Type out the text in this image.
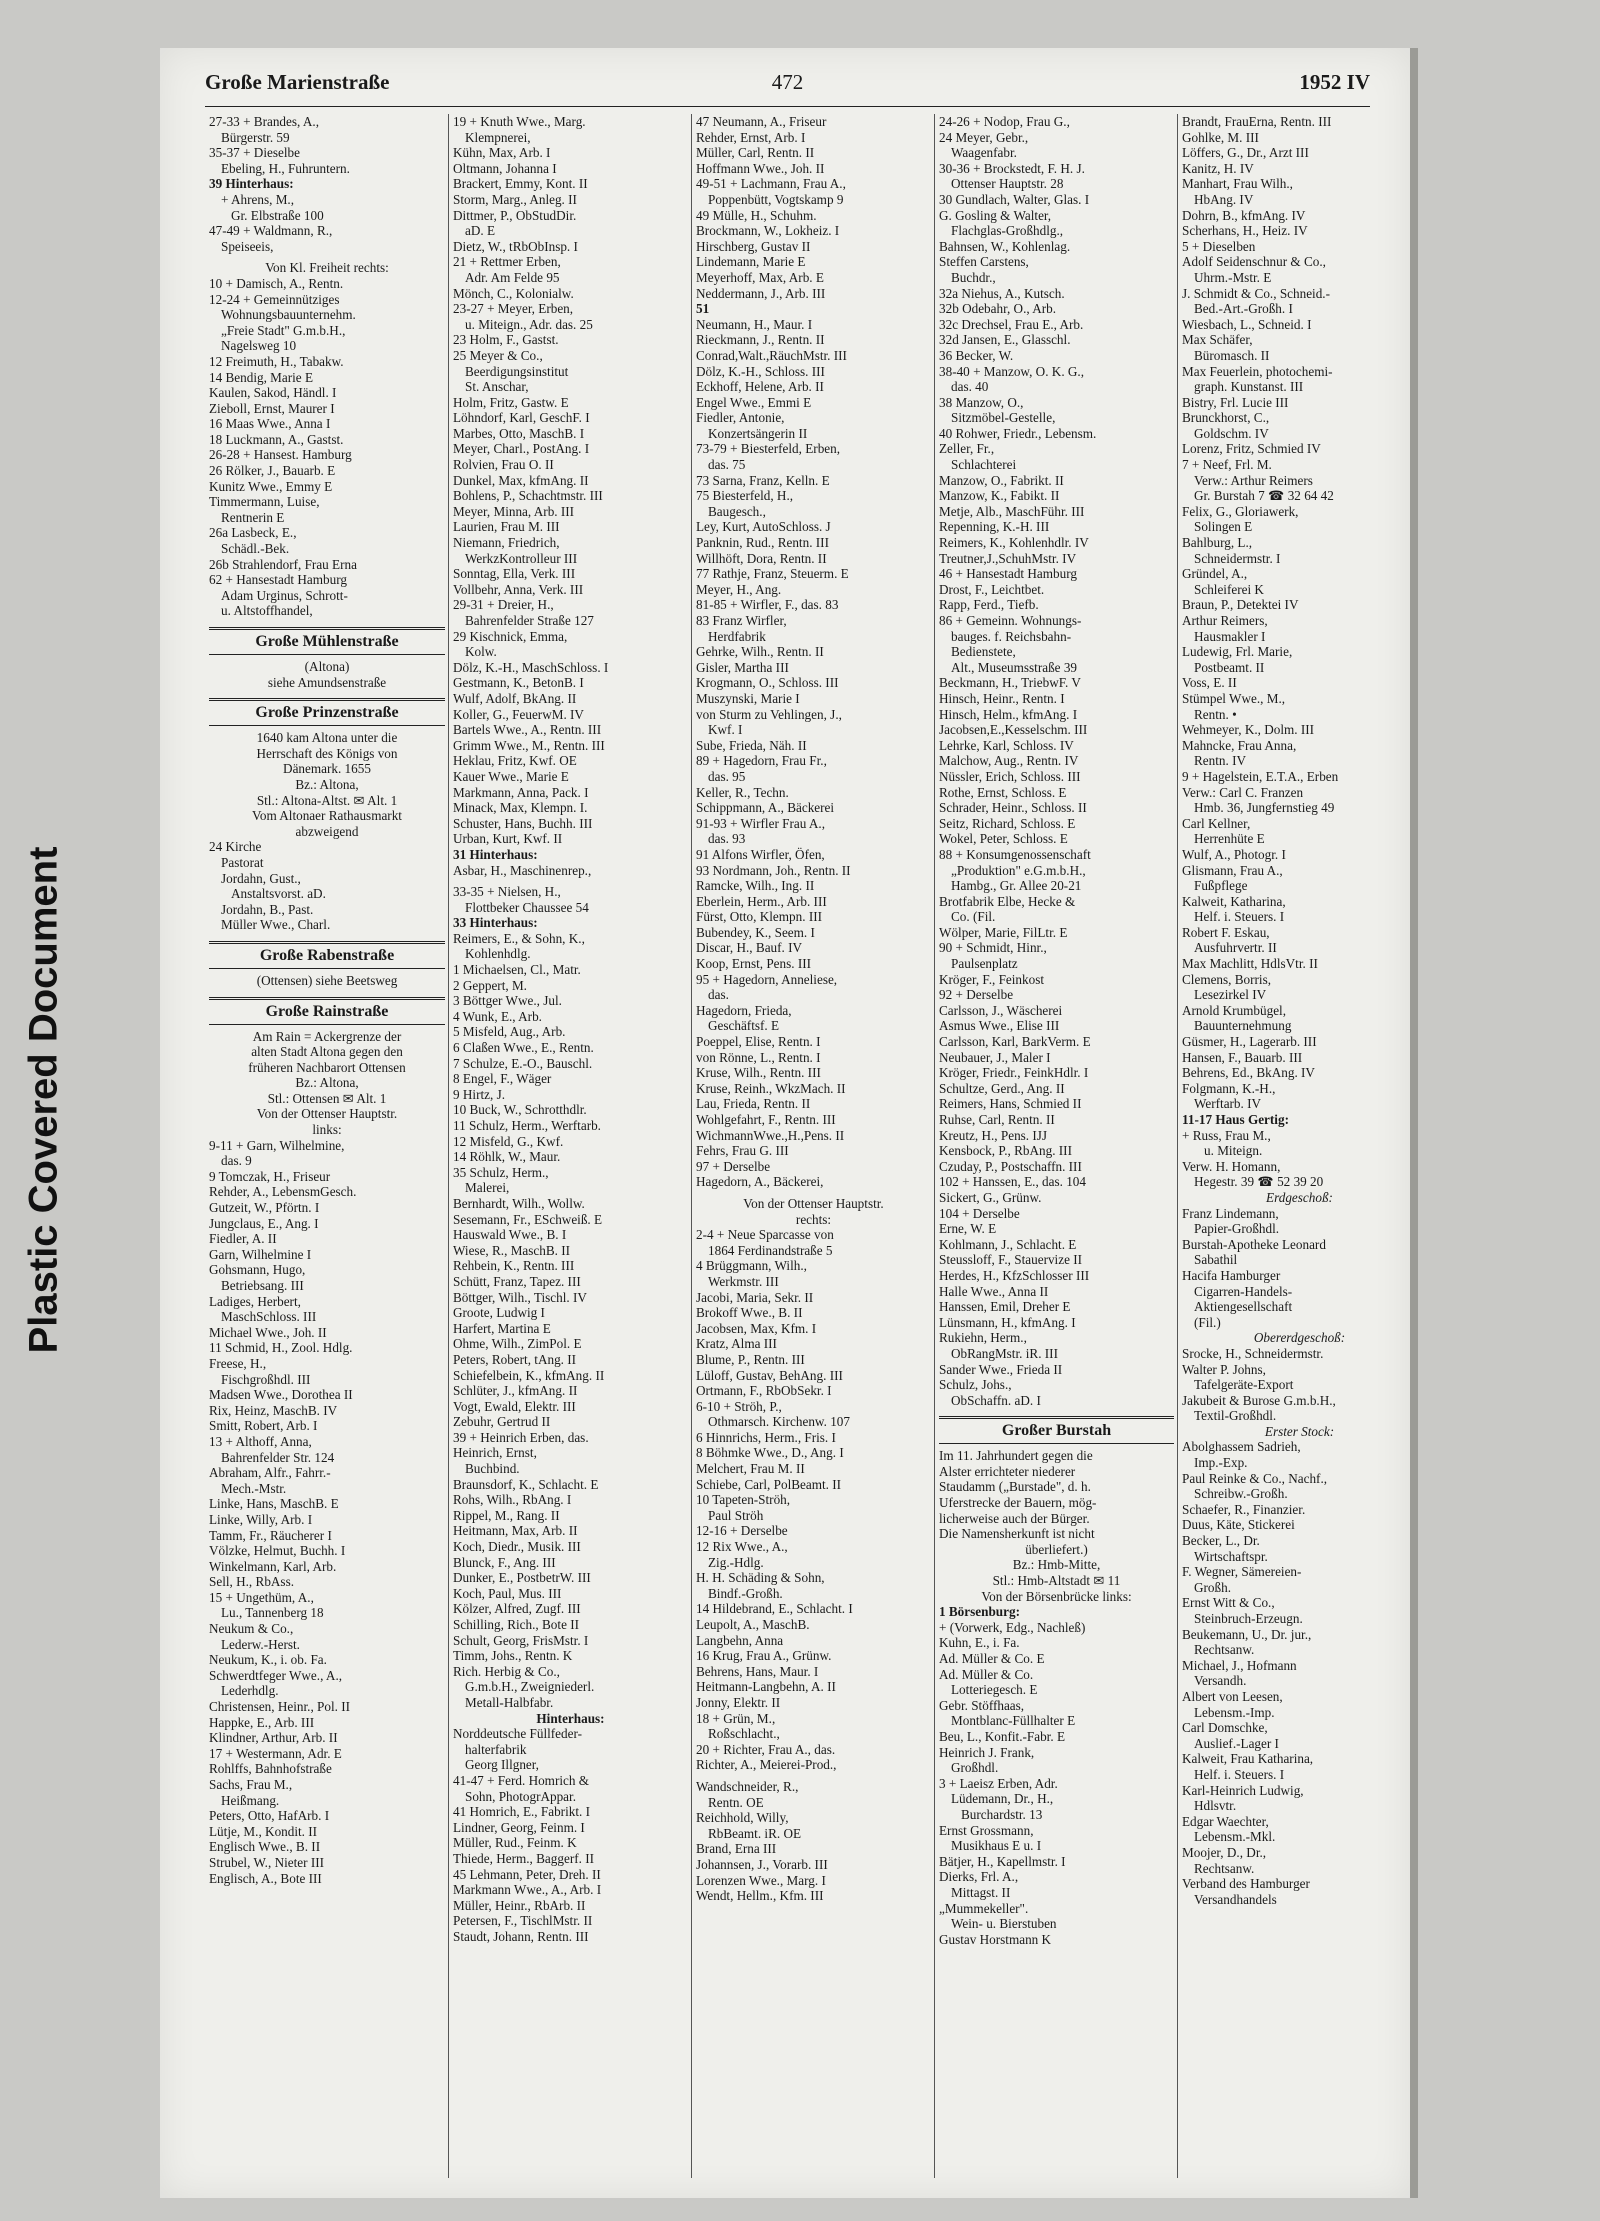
Plastic Covered Document
Große Marienstraße	472	1952 IV
27-33 + Brandes, A.,
Bürgerstr. 59
35-37 + Dieselbe
Ebeling, H., Fuhruntern.
39 Hinterhaus:
+ Ahrens, M.,
Gr. Elbstraße 100
47-49 + Waldmann, R.,
Speiseeis,
Von Kl. Freiheit rechts:
10 + Damisch, A., Rentn.
12-24 + Gemeinnütziges
Wohnungsbauunternehm.
„Freie Stadt" G.m.b.H.,
Nagelsweg 10
12 Freimuth, H., Tabakw.
14 Bendig, Marie E
Kaulen, Sakod, Händl. I
Zieboll, Ernst, Maurer I
16 Maas Wwe., Anna I
18 Luckmann, A., Gastst.
26-28 + Hansest. Hamburg
26 Rölker, J., Bauarb. E
Kunitz Wwe., Emmy E
Timmermann, Luise,
Rentnerin E
26a Lasbeck, E.,
Schädl.-Bek.
26b Strahlendorf, Frau Erna
62 + Hansestadt Hamburg
Adam Urginus, Schrott-
u. Altstoffhandel,
Große Mühlenstraße
(Altona)
siehe Amundsenstraße
Große Prinzenstraße
1640 kam Altona unter die
Herrschaft des Königs von
Dänemark. 1655
Bz.: Altona,
Stl.: Altona-Altst. ✉ Alt. 1
Vom Altonaer Rathausmarkt
abzweigend
24 Kirche
Pastorat
Jordahn, Gust.,
Anstaltsvorst. aD.
Jordahn, B., Past.
Müller Wwe., Charl.
Große Rabenstraße
(Ottensen) siehe Beetsweg
Große Rainstraße
Am Rain = Ackergrenze der
alten Stadt Altona gegen den
früheren Nachbarort Ottensen
Bz.: Altona,
Stl.: Ottensen ✉ Alt. 1
Von der Ottenser Hauptstr.
links:
9-11 + Garn, Wilhelmine,
das. 9
9 Tomczak, H., Friseur
Rehder, A., LebensmGesch.
Gutzeit, W., Pförtn. I
Jungclaus, E., Ang. I
Fiedler, A. II
Garn, Wilhelmine I
Gohsmann, Hugo,
Betriebsang. III
Ladiges, Herbert,
MaschSchloss. III
Michael Wwe., Joh. II
11 Schmid, H., Zool. Hdlg.
Freese, H.,
Fischgroßhdl. III
Madsen Wwe., Dorothea II
Rix, Heinz, MaschB. IV
Smitt, Robert, Arb. I
13 + Althoff, Anna,
Bahrenfelder Str. 124
Abraham, Alfr., Fahrr.-
Mech.-Mstr.
Linke, Hans, MaschB. E
Linke, Willy, Arb. I
Tamm, Fr., Räucherer I
Völzke, Helmut, Buchh. I
Winkelmann, Karl, Arb.
Sell, H., RbAss.
15 + Ungethüm, A.,
Lu., Tannenberg 18
Neukum & Co.,
Lederw.-Herst.
Neukum, K., i. ob. Fa.
Schwerdtfeger Wwe., A.,
Lederhdlg.
Christensen, Heinr., Pol. II
Happke, E., Arb. III
Klindner, Arthur, Arb. II
17 + Westermann, Adr. E
Rohlffs, Bahnhofstraße
Sachs, Frau M.,
Heißmang.
Peters, Otto, HafArb. I
Lütje, M., Kondit. II
Englisch Wwe., B. II
Strubel, W., Nieter III
Englisch, A., Bote III
19 + Knuth Wwe., Marg.
Klempnerei,
Kühn, Max, Arb. I
Oltmann, Johanna I
Brackert, Emmy, Kont. II
Storm, Marg., Anleg. II
Dittmer, P., ObStudDir.
aD. E
Dietz, W., tRbObInsp. I
21 + Rettmer Erben,
Adr. Am Felde 95
Mönch, C., Kolonialw.
23-27 + Meyer, Erben,
u. Miteign., Adr. das. 25
23 Holm, F., Gastst.
25 Meyer & Co.,
Beerdigungsinstitut
St. Anschar,
Holm, Fritz, Gastw. E
Löhndorf, Karl, GeschF. I
Marbes, Otto, MaschB. I
Meyer, Charl., PostAng. I
Rolvien, Frau O. II
Dunkel, Max, kfmAng. II
Bohlens, P., Schachtmstr. III
Meyer, Minna, Arb. III
Laurien, Frau M. III
Niemann, Friedrich,
WerkzKontrolleur III
Sonntag, Ella, Verk. III
Vollbehr, Anna, Verk. III
29-31 + Dreier, H.,
Bahrenfelder Straße 127
29 Kischnick, Emma,
Kolw.
Dölz, K.-H., MaschSchloss. I
Gestmann, K., BetonB. I
Wulf, Adolf, BkAng. II
Koller, G., FeuerwM. IV
Bartels Wwe., A., Rentn. III
Grimm Wwe., M., Rentn. III
Heklau, Fritz, Kwf. OE
Kauer Wwe., Marie E
Markmann, Anna, Pack. I
Minack, Max, Klempn. I.
Schuster, Hans, Buchh. III
Urban, Kurt, Kwf. II
31 Hinterhaus:
Asbar, H., Maschinenrep.,
33-35 + Nielsen, H.,
Flottbeker Chaussee 54
33 Hinterhaus:
Reimers, E., & Sohn, K.,
Kohlenhdlg.
1 Michaelsen, Cl., Matr.
2 Geppert, M.
3 Böttger Wwe., Jul.
4 Wunk, E., Arb.
5 Misfeld, Aug., Arb.
6 Claßen Wwe., E., Rentn.
7 Schulze, E.-O., Bauschl.
8 Engel, F., Wäger
9 Hirtz, J.
10 Buck, W., Schrotthdlr.
11 Schulz, Herm., Werftarb.
12 Misfeld, G., Kwf.
14 Röhlk, W., Maur.
35 Schulz, Herm.,
Malerei,
Bernhardt, Wilh., Wollw.
Sesemann, Fr., ESchweiß. E
Hauswald Wwe., B. I
Wiese, R., MaschB. II
Rehbein, K., Rentn. III
Schütt, Franz, Tapez. III
Böttger, Wilh., Tischl. IV
Groote, Ludwig I
Harfert, Martina E
Ohme, Wilh., ZimPol. E
Peters, Robert, tAng. II
Schiefelbein, K., kfmAng. II
Schlüter, J., kfmAng. II
Vogt, Ewald, Elektr. III
Zebuhr, Gertrud II
39 + Heinrich Erben, das.
Heinrich, Ernst,
Buchbind.
Braunsdorf, K., Schlacht. E
Rohs, Wilh., RbAng. I
Rippel, M., Rang. II
Heitmann, Max, Arb. II
Koch, Diedr., Musik. III
Blunck, F., Ang. III
Dunker, E., PostbetrW. III
Koch, Paul, Mus. III
Kölzer, Alfred, Zugf. III
Schilling, Rich., Bote II
Schult, Georg, FrisMstr. I
Timm, Johs., Rentn. K
Rich. Herbig & Co.,
G.m.b.H., Zweigniederl.
Metall-Halbfabr.
Hinterhaus:
Norddeutsche Füllfeder-
halterfabrik
Georg Illgner,
41-47 + Ferd. Homrich &
Sohn, PhotogrAppar.
41 Homrich, E., Fabrikt. I
Lindner, Georg, Feinm. I
Müller, Rud., Feinm. K
Thiede, Herm., Baggerf. II
45 Lehmann, Peter, Dreh. II
Markmann Wwe., A., Arb. I
Müller, Heinr., RbArb. II
Petersen, F., TischlMstr. II
Staudt, Johann, Rentn. III
47 Neumann, A., Friseur
Rehder, Ernst, Arb. I
Müller, Carl, Rentn. II
Hoffmann Wwe., Joh. II
49-51 + Lachmann, Frau A.,
Poppenbütt, Vogtskamp 9
49 Mülle, H., Schuhm.
Brockmann, W., Lokheiz. I
Hirschberg, Gustav II
Lindemann, Marie E
Meyerhoff, Max, Arb. E
Neddermann, J., Arb. III
51
Neumann, H., Maur. I
Rieckmann, J., Rentn. II
Conrad,Walt.,RäuchMstr. III
Dölz, K.-H., Schloss. III
Eckhoff, Helene, Arb. II
Engel Wwe., Emmi E
Fiedler, Antonie,
Konzertsängerin II
73-79 + Biesterfeld, Erben,
das. 75
73 Sarna, Franz, Kelln. E
75 Biesterfeld, H.,
Baugesch.,
Ley, Kurt, AutoSchloss. J
Panknin, Rud., Rentn. III
Willhöft, Dora, Rentn. II
77 Rathje, Franz, Steuerm. E
Meyer, H., Ang.
81-85 + Wirfler, F., das. 83
83 Franz Wirfler,
Herdfabrik
Gehrke, Wilh., Rentn. II
Gisler, Martha III
Krogmann, O., Schloss. III
Muszynski, Marie I
von Sturm zu Vehlingen, J.,
Kwf. I
Sube, Frieda, Näh. II
89 + Hagedorn, Frau Fr.,
das. 95
Keller, R., Techn.
Schippmann, A., Bäckerei
91-93 + Wirfler Frau A.,
das. 93
91 Alfons Wirfler, Öfen,
93 Nordmann, Joh., Rentn. II
Ramcke, Wilh., Ing. II
Eberlein, Herm., Arb. III
Fürst, Otto, Klempn. III
Bubendey, K., Seem. I
Discar, H., Bauf. IV
Koop, Ernst, Pens. III
95 + Hagedorn, Anneliese,
das.
Hagedorn, Frieda,
Geschäftsf. E
Poeppel, Elise, Rentn. I
von Rönne, L., Rentn. I
Kruse, Wilh., Rentn. III
Kruse, Reinh., WkzMach. II
Lau, Frieda, Rentn. II
Wohlgefahrt, F., Rentn. III
WichmannWwe.,H.,Pens. II
Fehrs, Frau G. III
97 + Derselbe
Hagedorn, A., Bäckerei,
Von der Ottenser Hauptstr.
rechts:
2-4 + Neue Sparcasse von
1864 Ferdinandstraße 5
4 Brüggmann, Wilh.,
Werkmstr. III
Jacobi, Maria, Sekr. II
Brokoff Wwe., B. II
Jacobsen, Max, Kfm. I
Kratz, Alma III
Blume, P., Rentn. III
Lüloff, Gustav, BehAng. III
Ortmann, F., RbObSekr. I
6-10 + Ströh, P.,
Othmarsch. Kirchenw. 107
6 Hinnrichs, Herm., Fris. I
8 Böhmke Wwe., D., Ang. I
Melchert, Frau M. II
Schiebe, Carl, PolBeamt. II
10 Tapeten-Ströh,
Paul Ströh
12-16 + Derselbe
12 Rix Wwe., A.,
Zig.-Hdlg.
H. H. Schäding & Sohn,
Bindf.-Großh.
14 Hildebrand, E., Schlacht. I
Leupolt, A., MaschB.
Langbehn, Anna
16 Krug, Frau A., Grünw.
Behrens, Hans, Maur. I
Heitmann-Langbehn, A. II
Jonny, Elektr. II
18 + Grün, M.,
Roßschlacht.,
20 + Richter, Frau A., das.
Richter, A., Meierei-Prod.,
Wandschneider, R.,
Rentn. OE
Reichhold, Willy,
RbBeamt. iR. OE
Brand, Erna III
Johannsen, J., Vorarb. III
Lorenzen Wwe., Marg. I
Wendt, Hellm., Kfm. III
24-26 + Nodop, Frau G.,
24 Meyer, Gebr.,
Waagenfabr.
30-36 + Brockstedt, F. H. J.
Ottenser Hauptstr. 28
30 Gundlach, Walter, Glas. I
G. Gosling & Walter,
Flachglas-Großhdlg.,
Bahnsen, W., Kohlenlag.
Steffen Carstens,
Buchdr.,
32a Niehus, A., Kutsch.
32b Odebahr, O., Arb.
32c Drechsel, Frau E., Arb.
32d Jansen, E., Glasschl.
36 Becker, W.
38-40 + Manzow, O. K. G.,
das. 40
38 Manzow, O.,
Sitzmöbel-Gestelle,
40 Rohwer, Friedr., Lebensm.
Zeller, Fr.,
Schlachterei
Manzow, O., Fabrikt. II
Manzow, K., Fabikt. II
Metje, Alb., MaschFühr. III
Repenning, K.-H. III
Reimers, K., Kohlenhdlr. IV
Treutner,J.,SchuhMstr. IV
46 + Hansestadt Hamburg
Drost, F., Leichtbet.
Rapp, Ferd., Tiefb.
86 + Gemeinn. Wohnungs-
bauges. f. Reichsbahn-
Bedienstete,
Alt., Museumsstraße 39
Beckmann, H., TriebwF. V
Hinsch, Heinr., Rentn. I
Hinsch, Helm., kfmAng. I
Jacobsen,E.,Kesselschm. III
Lehrke, Karl, Schloss. IV
Malchow, Aug., Rentn. IV
Nüssler, Erich, Schloss. III
Rothe, Ernst, Schloss. E
Schrader, Heinr., Schloss. II
Seitz, Richard, Schloss. E
Wokel, Peter, Schloss. E
88 + Konsumgenossenschaft
„Produktion" e.G.m.b.H.,
Hambg., Gr. Allee 20-21
Brotfabrik Elbe, Hecke &
Co. (Fil.
Wölper, Marie, FilLtr. E
90 + Schmidt, Hinr.,
Paulsenplatz
Kröger, F., Feinkost
92 + Derselbe
Carlsson, J., Wäscherei
Asmus Wwe., Elise III
Carlsson, Karl, BarkVerm. E
Neubauer, J., Maler I
Kröger, Friedr., FeinkHdlr. I
Schultze, Gerd., Ang. II
Reimers, Hans, Schmied II
Ruhse, Carl, Rentn. II
Kreutz, H., Pens. IJJ
Kensbock, P., RbAng. III
Czuday, P., Postschaffn. III
102 + Hanssen, E., das. 104
Sickert, G., Grünw.
104 + Derselbe
Erne, W. E
Kohlmann, J., Schlacht. E
Steussloff, F., Stauervize II
Herdes, H., KfzSchlosser III
Halle Wwe., Anna II
Hanssen, Emil, Dreher E
Lünsmann, H., kfmAng. I
Rukiehn, Herm.,
ObRangMstr. iR. III
Sander Wwe., Frieda II
Schulz, Johs.,
ObSchaffn. aD. I
Großer Burstah
Im 11. Jahrhundert gegen die
Alster errichteter niederer
Staudamm („Burstade", d. h.
Uferstrecke der Bauern, mög-
licherweise auch der Bürger.
Die Namensherkunft ist nicht
überliefert.)
Bz.: Hmb-Mitte,
Stl.: Hmb-Altstadt ✉ 11
Von der Börsenbrücke links:
1 Börsenburg:
+ (Vorwerk, Edg., Nachleß)
Kuhn, E., i. Fa.
Ad. Müller & Co. E
Ad. Müller & Co.
Lotteriegesch. E
Gebr. Stöffhaas,
Montblanc-Füllhalter E
Beu, L., Konfit.-Fabr. E
Heinrich J. Frank,
Großhdl.
3 + Laeisz Erben, Adr.
Lüdemann, Dr., H.,
Burchardstr. 13
Ernst Grossmann,
Musikhaus E u. I
Bätjer, H., Kapellmstr. I
Dierks, Frl. A.,
Mittagst. II
„Mummekeller".
Wein- u. Bierstuben
Gustav Horstmann K
Brandt, FrauErna, Rentn. III
Gohlke, M. III
Löffers, G., Dr., Arzt III
Kanitz, H. IV
Manhart, Frau Wilh.,
HbAng. IV
Dohrn, B., kfmAng. IV
Scherhans, H., Heiz. IV
5 + Dieselben
Adolf Seidenschnur & Co.,
Uhrm.-Mstr. E
J. Schmidt & Co., Schneid.-
Bed.-Art.-Großh. I
Wiesbach, L., Schneid. I
Max Schäfer,
Büromasch. II
Max Feuerlein, photochemi-
graph. Kunstanst. III
Bistry, Frl. Lucie III
Brunckhorst, C.,
Goldschm. IV
Lorenz, Fritz, Schmied IV
7 + Neef, Frl. M.
Verw.: Arthur Reimers
Gr. Burstah 7 ☎ 32 64 42
Felix, G., Gloriawerk,
Solingen E
Bahlburg, L.,
Schneidermstr. I
Gründel, A.,
Schleiferei K
Braun, P., Detektei IV
Arthur Reimers,
Hausmakler I
Ludewig, Frl. Marie,
Postbeamt. II
Voss, E. II
Stümpel Wwe., M.,
Rentn. •
Wehmeyer, K., Dolm. III
Mahncke, Frau Anna,
Rentn. IV
9 + Hagelstein, E.T.A., Erben
Verw.: Carl C. Franzen
Hmb. 36, Jungfernstieg 49
Carl Kellner,
Herrenhüte E
Wulf, A., Photogr. I
Glismann, Frau A.,
Fußpflege
Kalweit, Katharina,
Helf. i. Steuers. I
Robert F. Eskau,
Ausfuhrvertr. II
Max Machlitt, HdlsVtr. II
Clemens, Borris,
Lesezirkel IV
Arnold Krumbügel,
Bauunternehmung
Güsmer, H., Lagerarb. III
Hansen, F., Bauarb. III
Behrens, Ed., BkAng. IV
Folgmann, K.-H.,
Werftarb. IV
11-17 Haus Gertig:
+ Russ, Frau M.,
u. Miteign.
Verw. H. Homann,
Hegestr. 39 ☎ 52 39 20
Erdgeschoß:
Franz Lindemann,
Papier-Großhdl.
Burstah-Apotheke Leonard
Sabathil
Hacifa Hamburger
Cigarren-Handels-
Aktiengesellschaft
(Fil.)
Obererdgeschoß:
Srocke, H., Schneidermstr.
Walter P. Johns,
Tafelgeräte-Export
Jakubeit & Burose G.m.b.H.,
Textil-Großhdl.
Erster Stock:
Abolghassem Sadrieh,
Imp.-Exp.
Paul Reinke & Co., Nachf.,
Schreibw.-Großh.
Schaefer, R., Finanzier.
Duus, Käte, Stickerei
Becker, L., Dr.
Wirtschaftspr.
F. Wegner, Sämereien-
Großh.
Ernst Witt & Co.,
Steinbruch-Erzeugn.
Beukemann, U., Dr. jur.,
Rechtsanw.
Michael, J., Hofmann
Versandh.
Albert von Leesen,
Lebensm.-Imp.
Carl Domschke,
Auslief.-Lager I
Kalweit, Frau Katharina,
Helf. i. Steuers. I
Karl-Heinrich Ludwig,
Hdlsvtr.
Edgar Waechter,
Lebensm.-Mkl.
Moojer, D., Dr.,
Rechtsanw.
Verband des Hamburger
Versandhandels
